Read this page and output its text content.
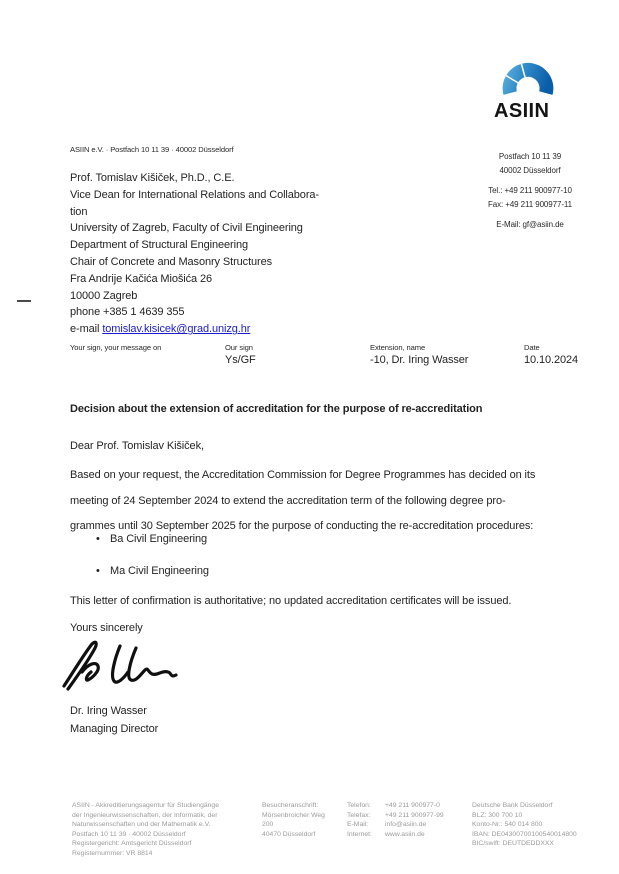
ASIIN
Postfach 10 11 39
40002 Düsseldorf
Tel.: +49 211 900977-10
Fax: +49 211 900977-11
E-Mail: gf@asiin.de
ASIIN e.V. · Postfach 10 11 39 · 40002 Düsseldorf
Prof. Tomislav Kišiček, Ph.D., C.E.
Vice Dean for International Relations and Collabora-
tion
University of Zagreb, Faculty of Civil Engineering
Department of Structural Engineering
Chair of Concrete and Masonry Structures
Fra Andrije Kačića Miošića 26
10000 Zagreb
phone +385 1 4639 355
e-mail tomislav.kisicek@grad.unizg.hr
Your sign, your message on	Our sign
Ys/GF
Extension, name
-10, Dr. Iring Wasser
Date
10.10.2024
Decision about the extension of accreditation for the purpose of re-accreditation
Dear Prof. Tomislav Kišiček,
Based on your request, the Accreditation Commission for Degree Programmes has decided on its
meeting of 24 September 2024 to extend the accreditation term of the following degree pro-
grammes until 30 September 2025 for the purpose of conducting the re-accreditation procedures:
• Ba Civil Engineering
• Ma Civil Engineering
This letter of confirmation is authoritative; no updated accreditation certificates will be issued.
Yours sincerely
Dr. Iring Wasser
Managing Director
ASIIN - Akkreditierungsagentur für Studiengänge
der Ingenieurwissenschaften, der Informatik, der
Naturwissenschaften und der Mathematik e.V.
Postfach 10 11 39 · 40002 Düsseldorf
Registergericht: Amtsgericht Düsseldorf
Registernummer: VR 8814
Besucheranschrift:
Mörsenbroicher Weg
200
40470 Düsseldorf
Telefon:
Telefax:
E-Mail:
Internet:
+49 211 900977-0
+49 211 900977-99
info@asiin.de
www.asiin.de
Deutsche Bank Düsseldorf
BLZ: 300 700 10
Konto-Nr.: 540 014 800
IBAN: DE04300700100540014800
BIC/swift: DEUTDEDDXXX
